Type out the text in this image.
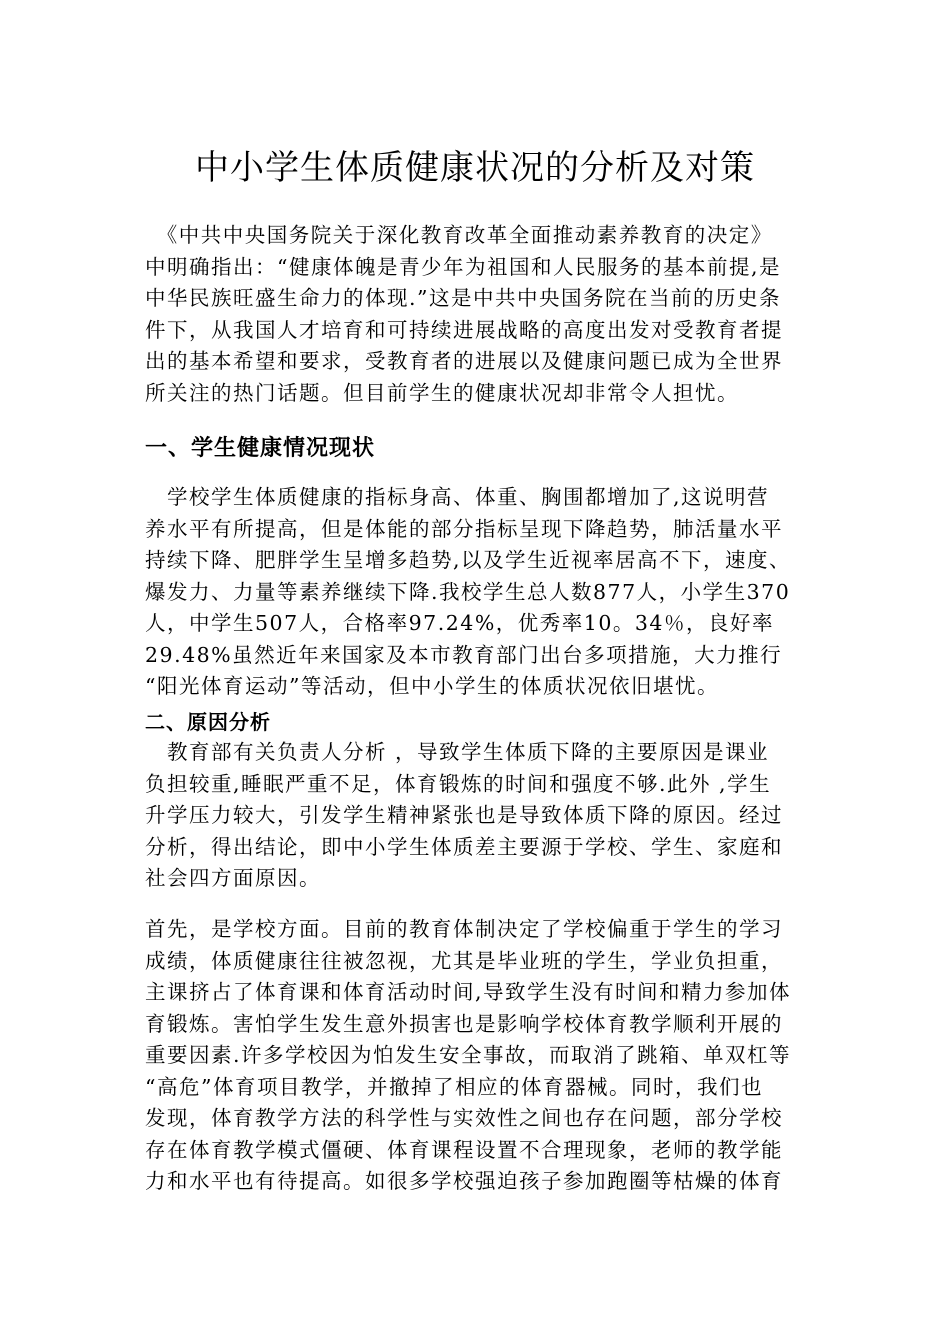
中小学生体质健康状况的分析及对策
　《中共中央国务院关于深化教育改革全面推动素养教育的决定》
中明确指出：“健康体魄是青少年为祖国和人民服务的基本前提,是
中华民族旺盛生命力的体现.”这是中共中央国务院在当前的历史条
件下，从我国人才培育和可持续进展战略的高度出发对受教育者提
出的基本希望和要求，受教育者的进展以及健康问题已成为全世界
所关注的热门话题。但目前学生的健康状况却非常令人担忧。
一、学生健康情况现状
　学校学生体质健康的指标身高、体重、胸围都增加了,这说明营
养水平有所提高，但是体能的部分指标呈现下降趋势，肺活量水平
持续下降、肥胖学生呈增多趋势,以及学生近视率居高不下，速度、
爆发力、力量等素养继续下降.我校学生总人数877人，小学生370
人，中学生507人，合格率97.24%，优秀率10。34％，良好率
29.48%虽然近年来国家及本市教育部门出台多项措施，大力推行
“阳光体育运动”等活动，但中小学生的体质状况依旧堪忧。
二、原因分析
　教育部有关负责人分析 ，导致学生体质下降的主要原因是课业
负担较重,睡眠严重不足，体育锻炼的时间和强度不够.此外 ,学生
升学压力较大，引发学生精神紧张也是导致体质下降的原因。经过
分析，得出结论，即中小学生体质差主要源于学校、学生、家庭和
社会四方面原因。
首先，是学校方面。目前的教育体制决定了学校偏重于学生的学习
成绩，体质健康往往被忽视，尤其是毕业班的学生，学业负担重，
主课挤占了体育课和体育活动时间,导致学生没有时间和精力参加体
育锻炼。害怕学生发生意外损害也是影响学校体育教学顺利开展的
重要因素.许多学校因为怕发生安全事故，而取消了跳箱、单双杠等
“高危”体育项目教学，并撤掉了相应的体育器械。同时，我们也
发现，体育教学方法的科学性与实效性之间也存在问题，部分学校
存在体育教学模式僵硬、体育课程设置不合理现象，老师的教学能
力和水平也有待提高。如很多学校强迫孩子参加跑圈等枯燥的体育
